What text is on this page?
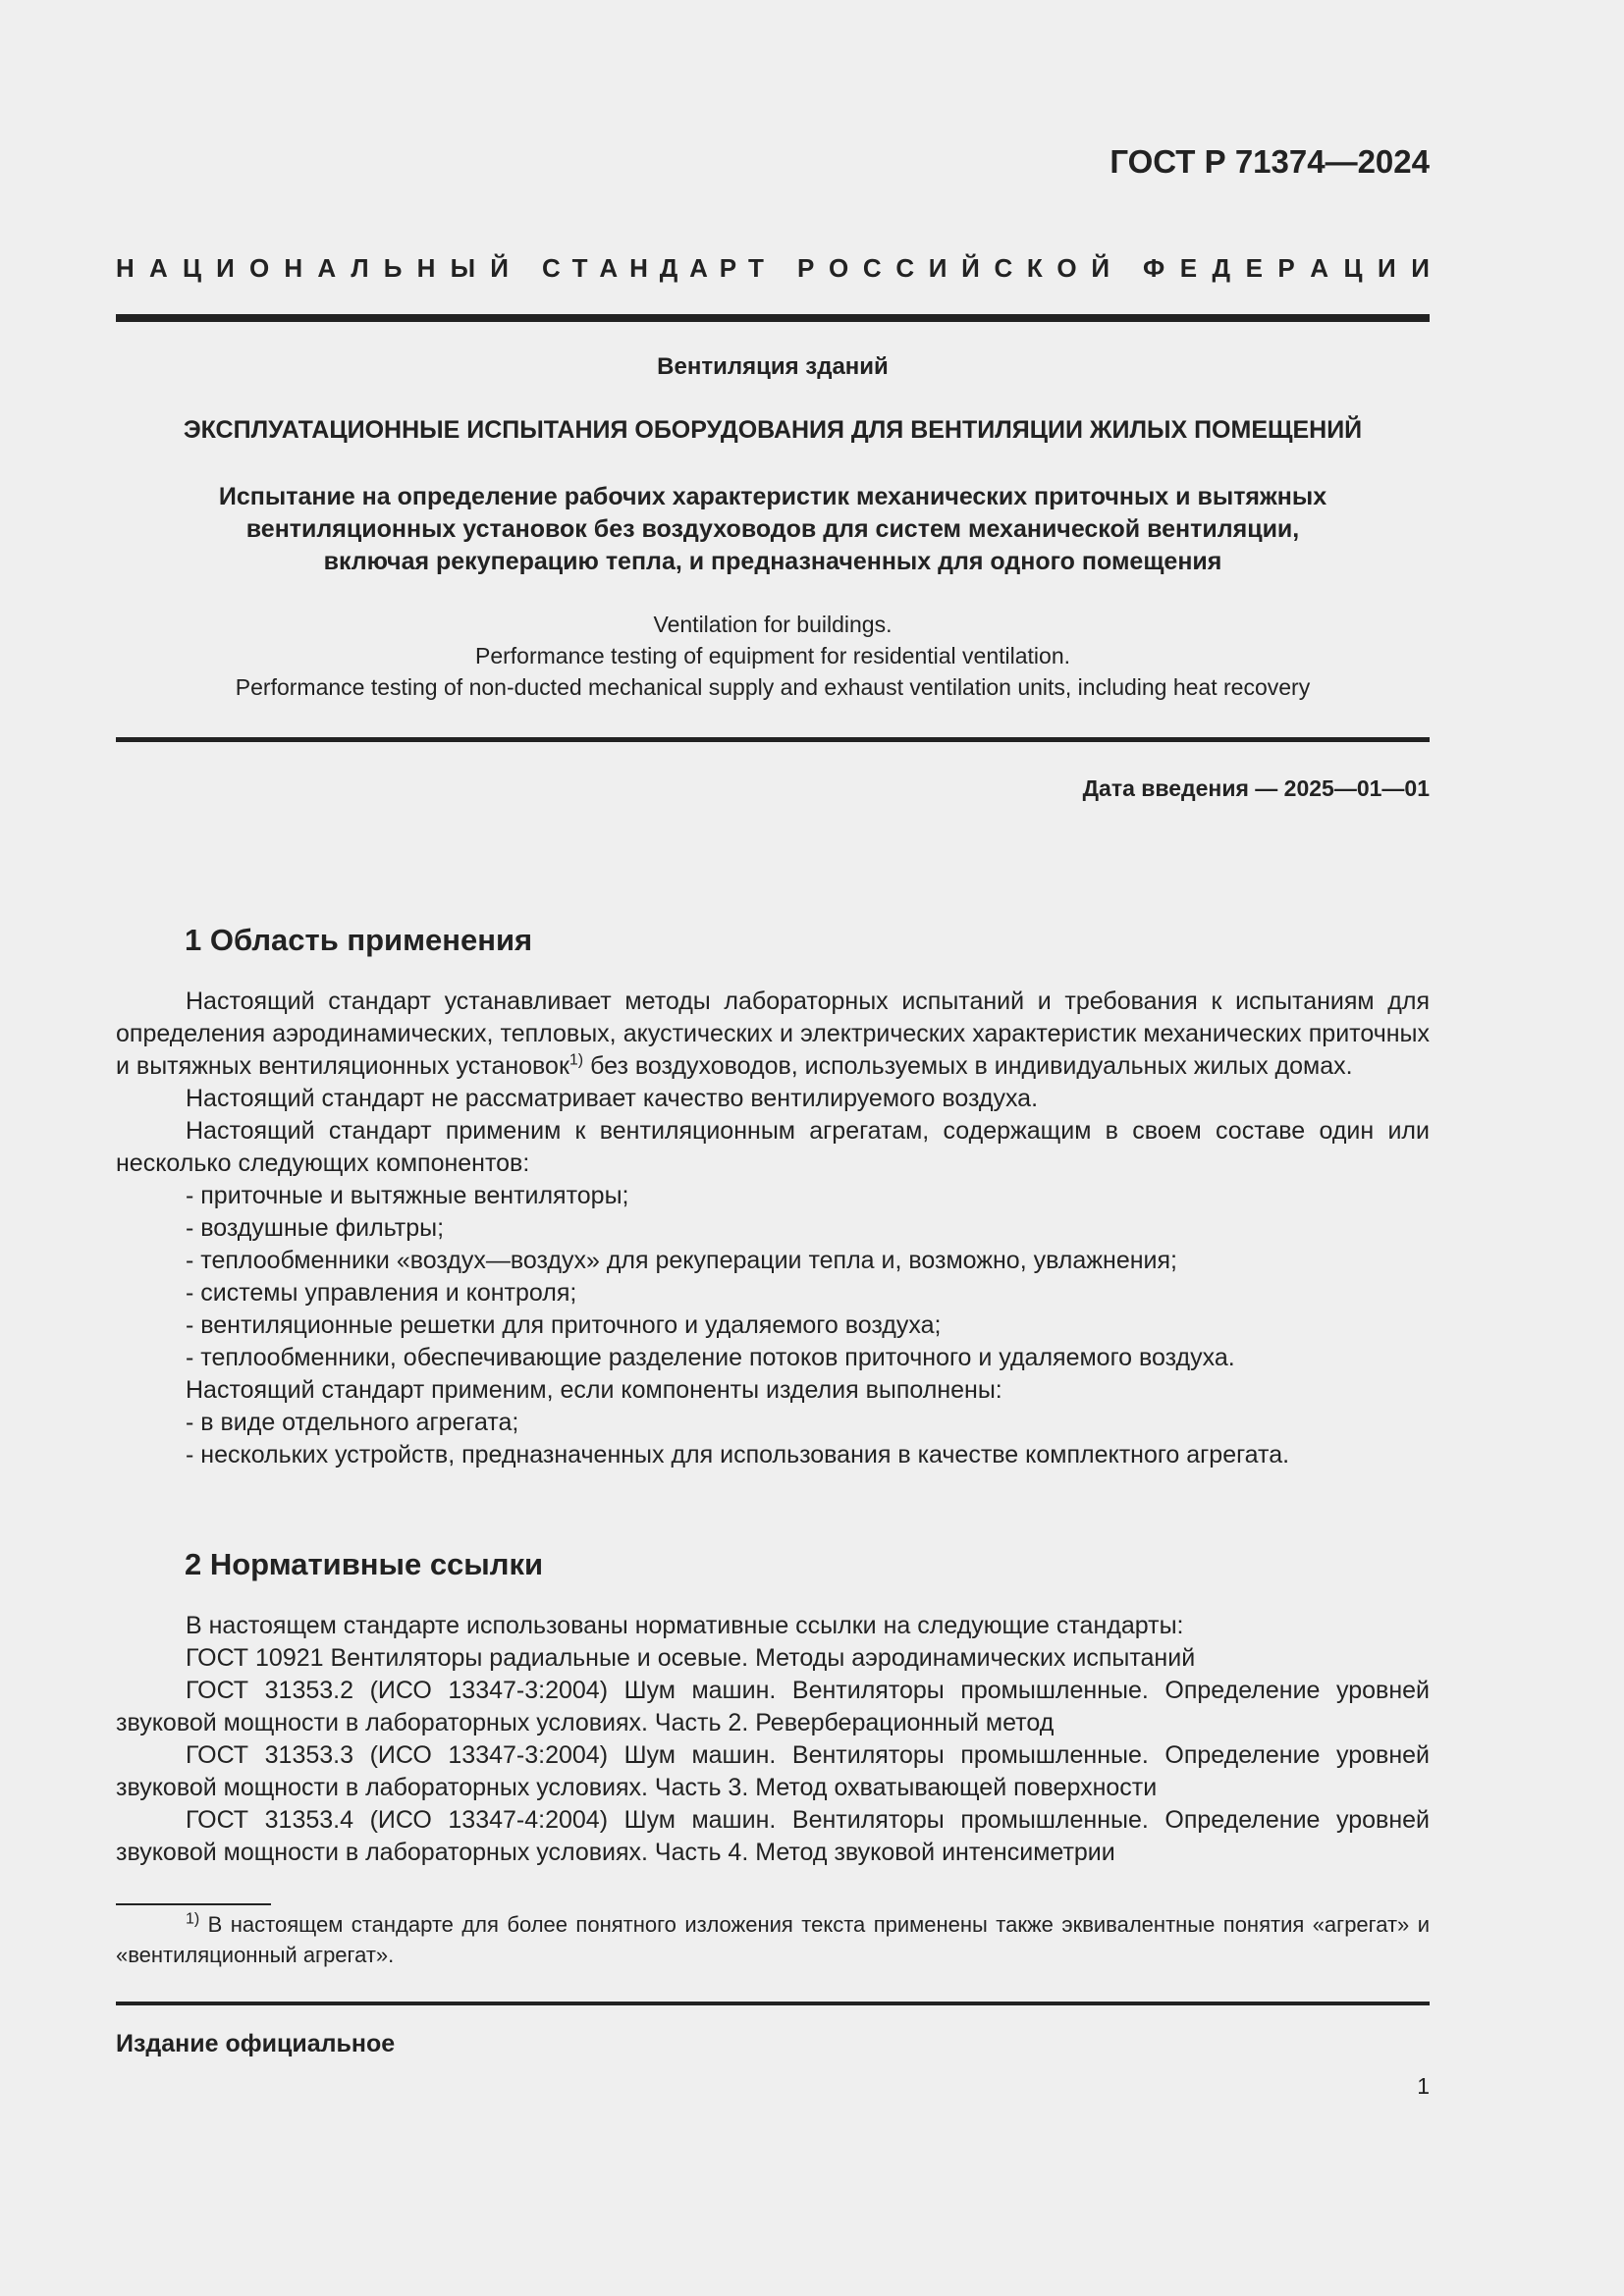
ГОСТ Р 71374—2024
Н А Ц И О Н А Л Ь Н Ы Й С Т А Н Д А Р Т Р О С С И Й С К О Й Ф Е Д Е Р А Ц И И
Вентиляция зданий
ЭКСПЛУАТАЦИОННЫЕ ИСПЫТАНИЯ ОБОРУДОВАНИЯ ДЛЯ ВЕНТИЛЯЦИИ ЖИЛЫХ ПОМЕЩЕНИЙ
Испытание на определение рабочих характеристик механических приточных и вытяжных
вентиляционных установок без воздуховодов для систем механической вентиляции,
включая рекуперацию тепла, и предназначенных для одного помещения
Ventilation for buildings.
Performance testing of equipment for residential ventilation.
Performance testing of non-ducted mechanical supply and exhaust ventilation units, including heat recovery
Дата введения — 2025—01—01
1 Область применения

Настоящий стандарт устанавливает методы лабораторных испытаний и требования к испытаниям для определения аэродинамических, тепловых, акустических и электрических характеристик механических приточных и вытяжных вентиляционных установок$^{1)}$ без воздуховодов, используемых в индивидуальных жилых домах.

Настоящий стандарт не рассматривает качество вентилируемого воздуха.

Настоящий стандарт применим к вентиляционным агрегатам, содержащим в своем составе один или несколько следующих компонентов:

- приточные и вытяжные вентиляторы;

- воздушные фильтры;

- теплообменники «воздух—воздух» для рекуперации тепла и, возможно, увлажнения;

- системы управления и контроля;

- вентиляционные решетки для приточного и удаляемого воздуха;

- теплообменники, обеспечивающие разделение потоков приточного и удаляемого воздуха.

Настоящий стандарт применим, если компоненты изделия выполнены:

- в виде отдельного агрегата;

- нескольких устройств, предназначенных для использования в качестве комплектного агрегата.

2 Нормативные ссылки

В настоящем стандарте использованы нормативные ссылки на следующие стандарты:

ГОСТ 10921 Вентиляторы радиальные и осевые. Методы аэродинамических испытаний

ГОСТ 31353.2 (ИСО 13347-3:2004) Шум машин. Вентиляторы промышленные. Определение уровней звуковой мощности в лабораторных условиях. Часть 2. Реверберационный метод

ГОСТ 31353.3 (ИСО 13347-3:2004) Шум машин. Вентиляторы промышленные. Определение уровней звуковой мощности в лабораторных условиях. Часть 3. Метод охватывающей поверхности

ГОСТ 31353.4 (ИСО 13347-4:2004) Шум машин. Вентиляторы промышленные. Определение уровней звуковой мощности в лабораторных условиях. Часть 4. Метод звуковой интенсиметрии

$^{1)}$ В настоящем стандарте для более понятного изложения текста применены также эквивалентные понятия «агрегат» и «вентиляционный агрегат».

Издание официальное
1
